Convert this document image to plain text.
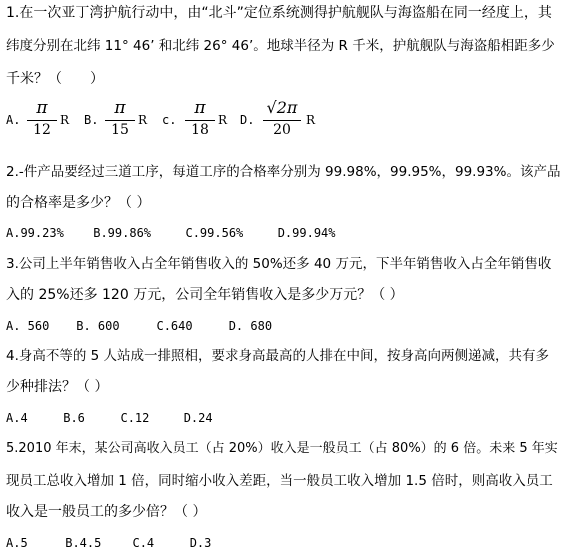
1.在一次亚丁湾护航行动中，由“北斗”定位系统测得护航舰队与海盗船在同一经度上，其
纬度分别在北纬 11° 46’ 和北纬 26° 46’。地球半径为 R 千米，护航舰队与海盗船相距多少
千米？（　　）
A.
π
12
R B.
π
15
R c.
π
18
R D.
√2π
20
R
2.-件产品要经过三道工序，每道工序的合格率分别为 99.98%，99.95%，99.93%。该产品
的合格率是多少？（ ）
A.99.23% B.99.86%	C.99.56%	D.99.94%
3.公司上半年销售收入占全年销售收入的 50%还多 40 万元，下半年销售收入占全年销售收
入的 25%还多 120 万元，公司全年销售收入是多少万元？（ ）
A. 560 B. 600	C.640	D. 680
4.身高不等的 5 人站成一排照相，要求身高最高的人排在中间，按身高向两侧递减，共有多
少种排法？（ ）
A.4	B.6	C.12	D.24
5.2010 年末，某公司高收入员工（占 20%）收入是一般员工（占 80%）的 6 倍。未来 5 年实
现员工总收入增加 1 倍，同时缩小收入差距，当一般员工收入增加 1.5 倍时，则高收入员工
收入是一般员工的多少倍？（ ）
A.5	B.4.5	C.4	D.3
